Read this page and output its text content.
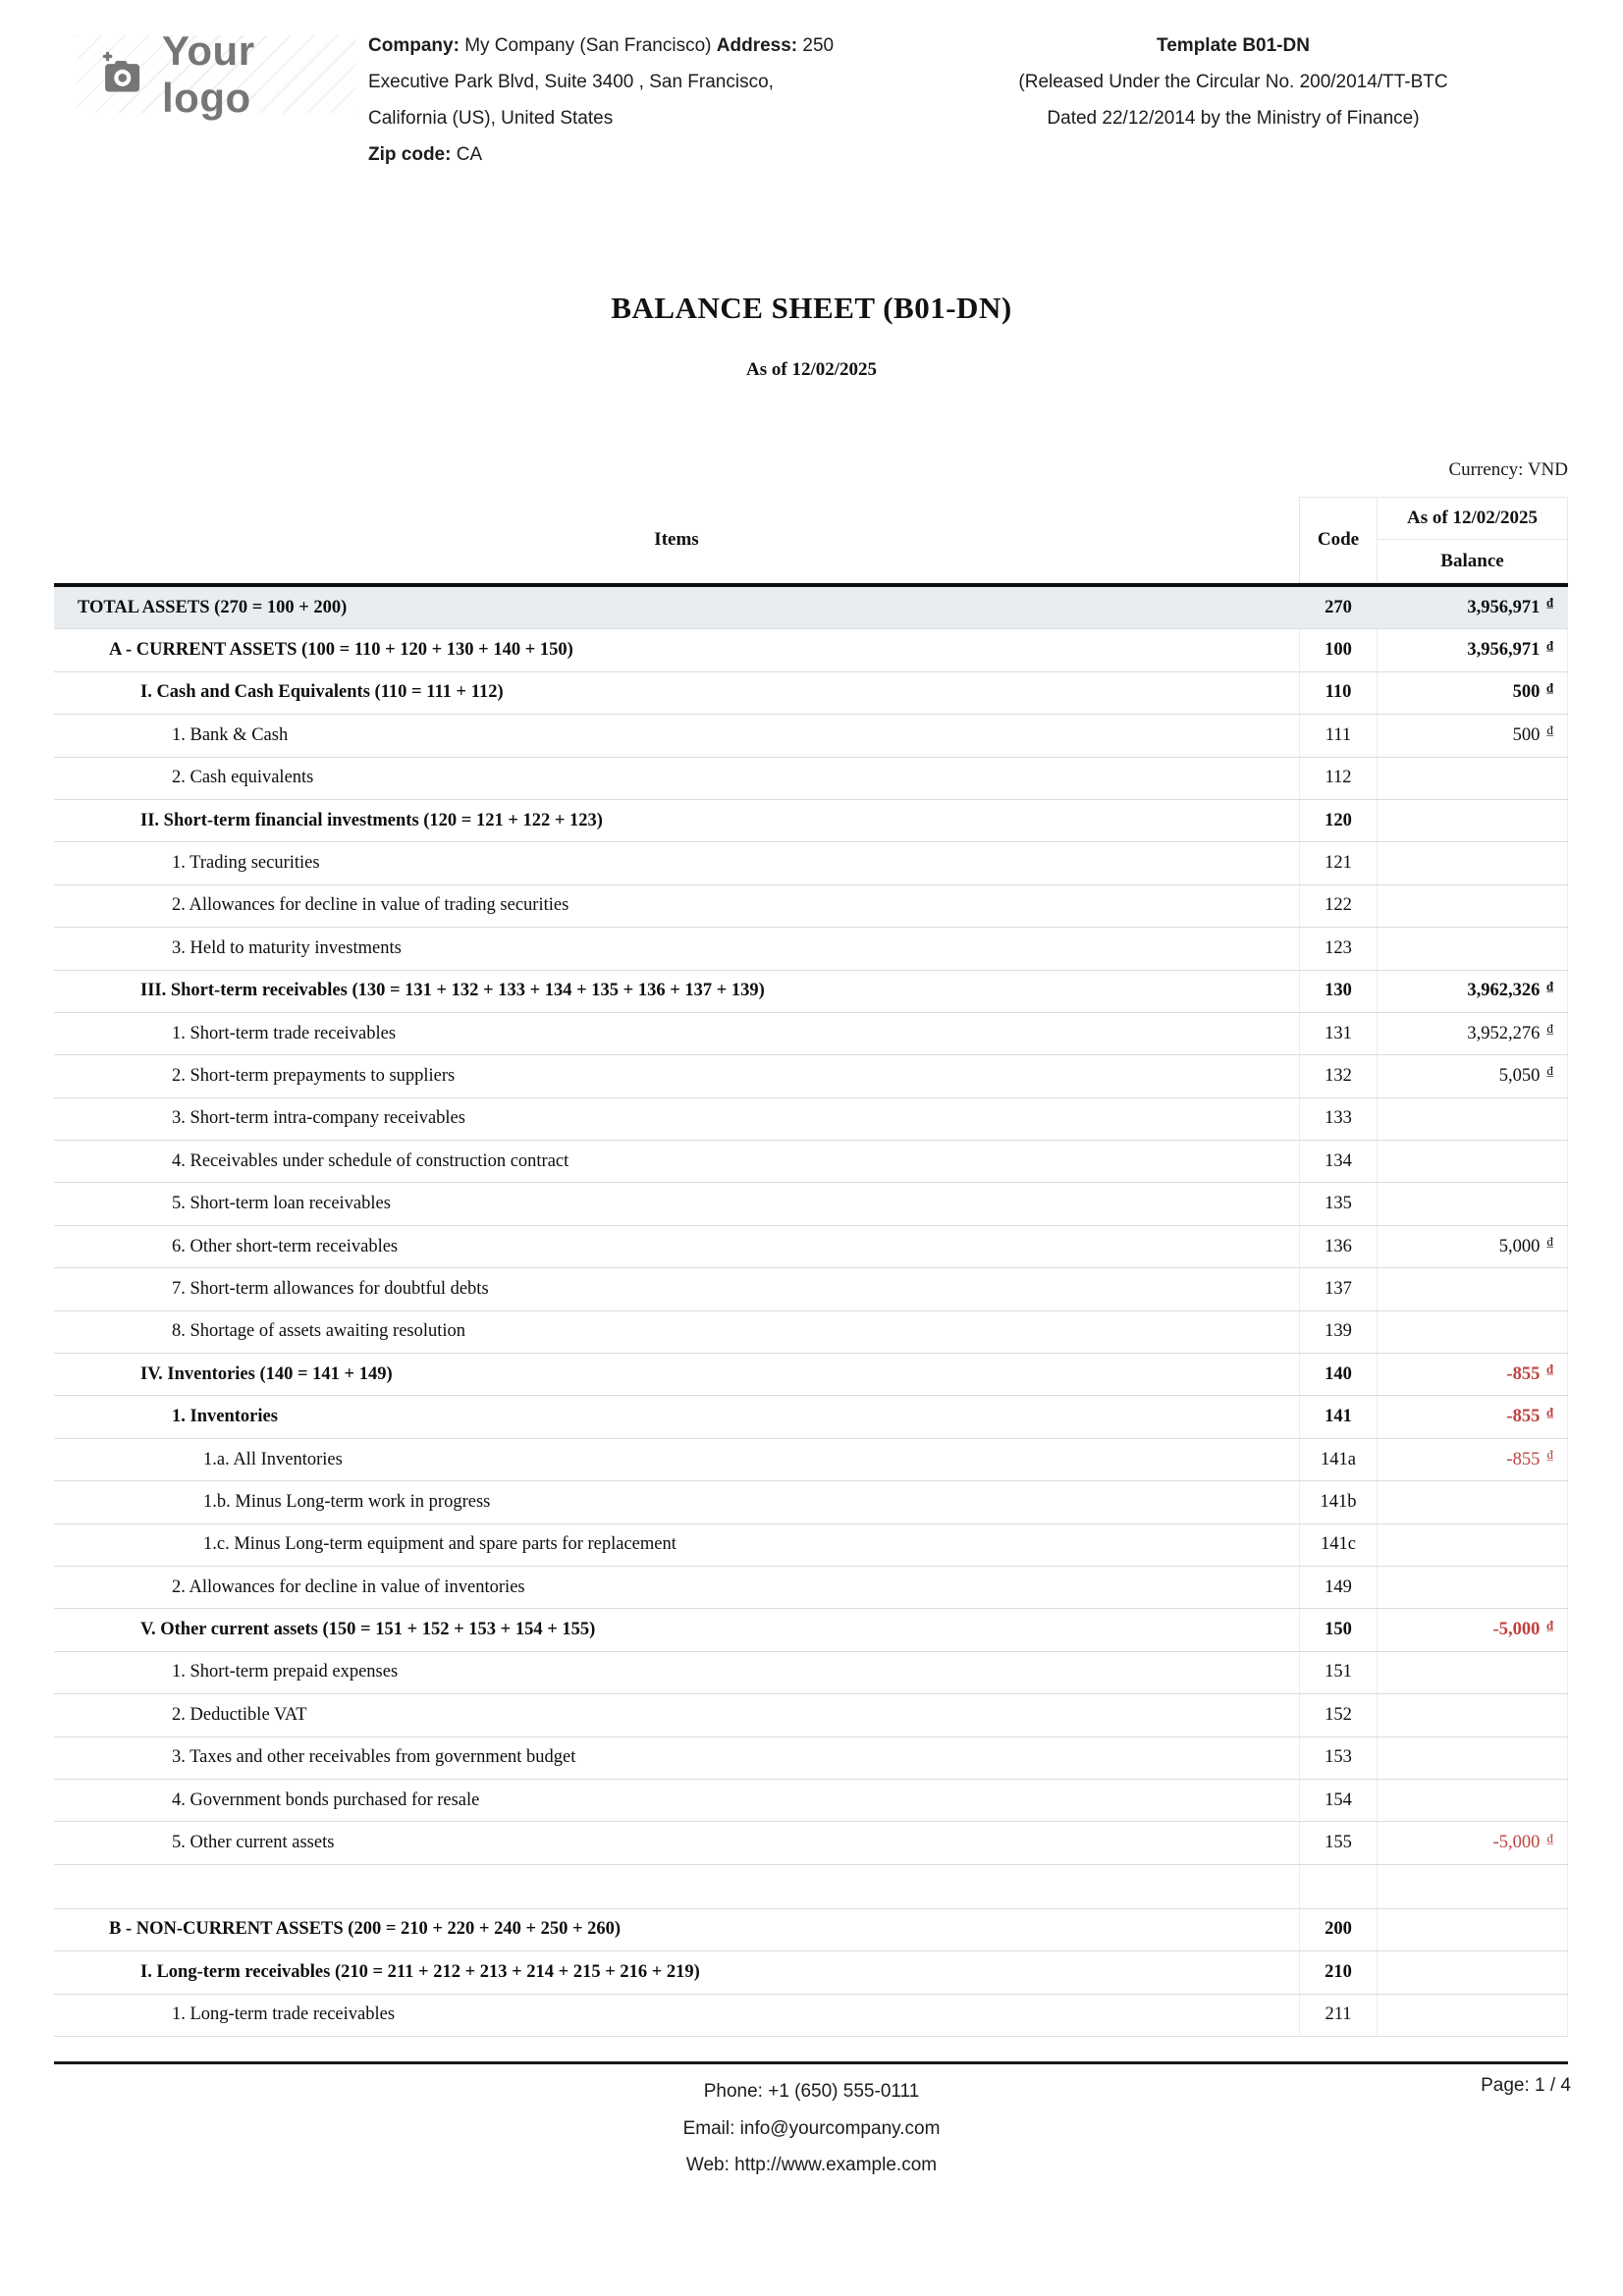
Your logo
Company: My Company (San Francisco) Address: 250 Executive Park Blvd, Suite 3400 , San Francisco, California (US), United States
Zip code: CA
Template B01-DN
(Released Under the Circular No. 200/2014/TT-BTC
Dated 22/12/2014 by the Ministry of Finance)
BALANCE SHEET (B01-DN)
As of 12/02/2025
Currency: VND
Items	Code
As of 12/02/2025
Balance
TOTAL ASSETS (270 = 100 + 200)	270	3,956,971 ₫
A - CURRENT ASSETS (100 = 110 + 120 + 130 + 140 + 150)	100	3,956,971 ₫
I. Cash and Cash Equivalents (110 = 111 + 112)	110	500 ₫
1. Bank & Cash	111	500 ₫
2. Cash equivalents	112
II. Short-term financial investments (120 = 121 + 122 + 123)	120
1. Trading securities	121
2. Allowances for decline in value of trading securities	122
3. Held to maturity investments	123
III. Short-term receivables (130 = 131 + 132 + 133 + 134 + 135 + 136 + 137 + 139)	130	3,962,326 ₫
1. Short-term trade receivables	131	3,952,276 ₫
2. Short-term prepayments to suppliers	132	5,050 ₫
3. Short-term intra-company receivables	133
4. Receivables under schedule of construction contract	134
5. Short-term loan receivables	135
6. Other short-term receivables	136	5,000 ₫
7. Short-term allowances for doubtful debts	137
8. Shortage of assets awaiting resolution	139
IV. Inventories (140 = 141 + 149)	140	-855 ₫
1. Inventories	141	-855 ₫
1.a. All Inventories	141a	-855 ₫
1.b. Minus Long-term work in progress	141b
1.c. Minus Long-term equipment and spare parts for replacement	141c
2. Allowances for decline in value of inventories	149
V. Other current assets (150 = 151 + 152 + 153 + 154 + 155)	150	-5,000 ₫
1. Short-term prepaid expenses	151
2. Deductible VAT	152
3. Taxes and other receivables from government budget	153
4. Government bonds purchased for resale	154
5. Other current assets	155	-5,000 ₫
B - NON-CURRENT ASSETS (200 = 210 + 220 + 240 + 250 + 260)	200
I. Long-term receivables (210 = 211 + 212 + 213 + 214 + 215 + 216 + 219)	210
1. Long-term trade receivables	211
Phone: +1 (650) 555-0111
Email: info@yourcompany.com
Web: http://www.example.com
Page: 1 / 4
